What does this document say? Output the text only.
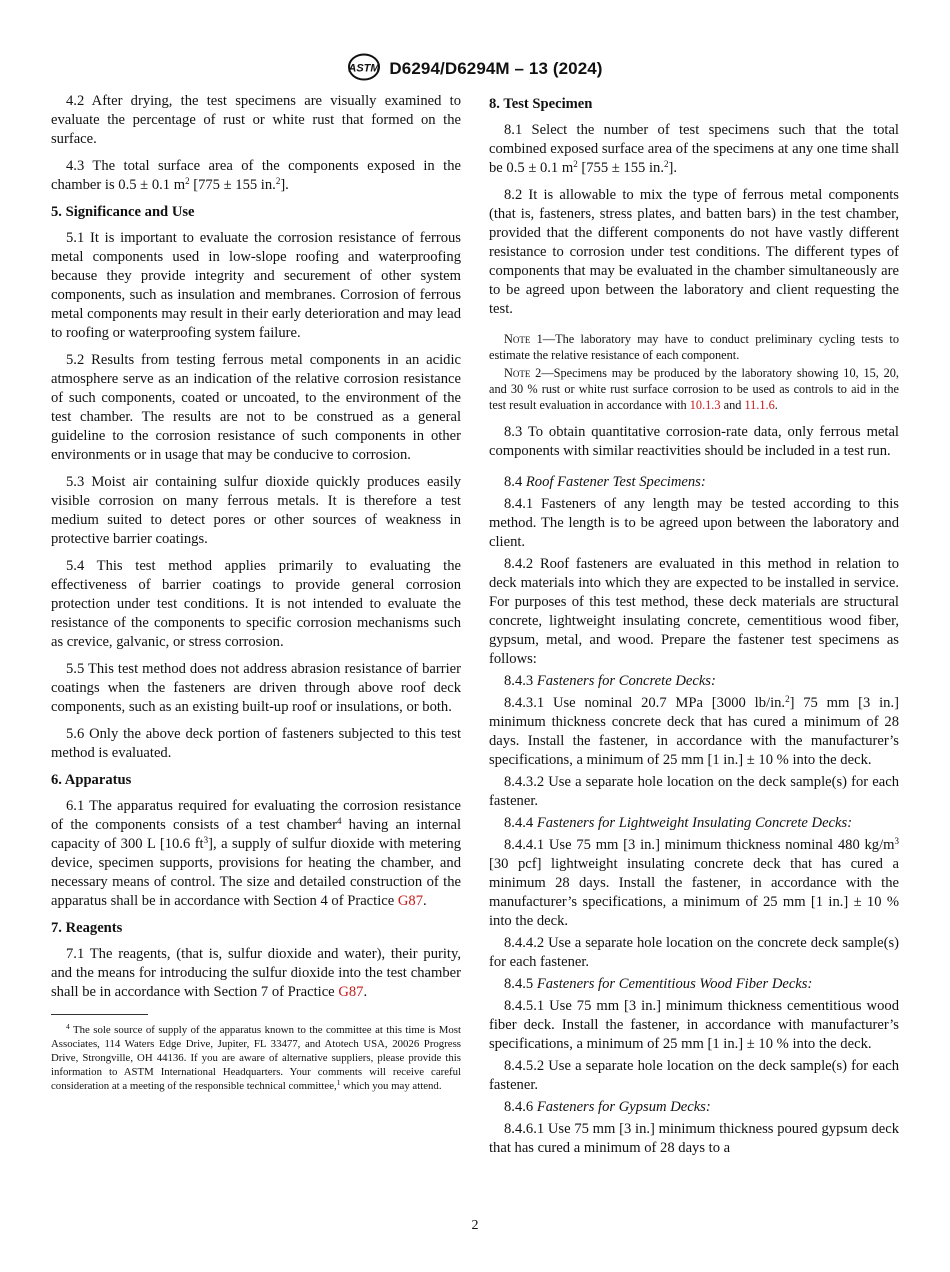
ASTM D6294/D6294M – 13 (2024)

4.2 After drying, the test specimens are visually examined to evaluate the percentage of rust or white rust that formed on the surface.

4.3 The total surface area of the components exposed in the chamber is 0.5 ± 0.1 $m^2$ [775 ± 155 in.$^2$].

5. Significance and Use

5.1 It is important to evaluate the corrosion resistance of ferrous metal components used in low-slope roofing and waterproofing because they provide integrity and securement of other system components, such as insulation and membranes. Corrosion of ferrous metal components may result in their early deterioration and may lead to roofing or waterproofing system failure.

5.2 Results from testing ferrous metal components in an acidic atmosphere serve as an indication of the relative corrosion resistance of such components, coated or uncoated, to the environment of the test chamber. The results are not to be construed as a general guideline to the corrosion resistance of such components in other environments or in usage that may be conducive to corrosion.

5.3 Moist air containing sulfur dioxide quickly produces easily visible corrosion on many ferrous metals. It is therefore a test medium suited to detect pores or other sources of weakness in protective barrier coatings.

5.4 This test method applies primarily to evaluating the effectiveness of barrier coatings to provide general corrosion protection under test conditions. It is not intended to evaluate the resistance of the components to specific corrosion mechanisms such as crevice, galvanic, or stress corrosion.

5.5 This test method does not address abrasion resistance of barrier coatings when the fasteners are driven through above roof deck components, such as an existing built-up roof or insulations, or both.

5.6 Only the above deck portion of fasteners subjected to this test method is evaluated.

6. Apparatus

6.1 The apparatus required for evaluating the corrosion resistance of the components consists of a test chamber$^4$ having an internal capacity of 300 L [10.6 $ft^3$], a supply of sulfur dioxide with metering device, specimen supports, provisions for heating the chamber, and necessary means of control. The size and detailed construction of the apparatus shall be in accordance with Section 4 of Practice G87.

7. Reagents

7.1 The reagents, (that is, sulfur dioxide and water), their purity, and the means for introducing the sulfur dioxide into the test chamber shall be in accordance with Section 7 of Practice G87.

$^4$ The sole source of supply of the apparatus known to the committee at this time is Most Associates, 114 Waters Edge Drive, Jupiter, FL 33477, and Atotech USA, 20026 Progress Drive, Strongville, OH 44136. If you are aware of alternative suppliers, please provide this information to ASTM International Headquarters. Your comments will receive careful consideration at a meeting of the responsible technical committee,$^1$ which you may attend.

8. Test Specimen

8.1 Select the number of test specimens such that the total combined exposed surface area of the specimens at any one time shall be 0.5 ± 0.1 $m^2$ [755 ± 155 in.$^2$].

8.2 It is allowable to mix the type of ferrous metal components (that is, fasteners, stress plates, and batten bars) in the test chamber, provided that the different components do not have vastly different resistance to corrosion under test conditions. The different types of components that may be evaluated in the chamber simultaneously are to be agreed upon between the laboratory and client requesting the test.

Note 1—The laboratory may have to conduct preliminary cycling tests to estimate the relative resistance of each component.

Note 2—Specimens may be produced by the laboratory showing 10, 15, 20, and 30 % rust or white rust surface corrosion to be used as controls to aid in the test result evaluation in accordance with 10.1.3 and 11.1.6.

8.3 To obtain quantitative corrosion-rate data, only ferrous metal components with similar reactivities should be included in a test run.

8.4 Roof Fastener Test Specimens:

8.4.1 Fasteners of any length may be tested according to this method. The length is to be agreed upon between the laboratory and client.

8.4.2 Roof fasteners are evaluated in this method in relation to deck materials into which they are expected to be installed in service. For purposes of this test method, these deck materials are structural concrete, lightweight insulating concrete, cementitious wood fiber, gypsum, metal, and wood. Prepare the fastener test specimens as follows:

8.4.3 Fasteners for Concrete Decks:

8.4.3.1 Use nominal 20.7 MPa [3000 lb/in.$^2$] 75 mm [3 in.] minimum thickness concrete deck that has cured a minimum of 28 days. Install the fastener, in accordance with the manufacturer’s specifications, a minimum of 25 mm [1 in.] ± 10 % into the deck.

8.4.3.2 Use a separate hole location on the deck sample(s) for each fastener.

8.4.4 Fasteners for Lightweight Insulating Concrete Decks:

8.4.4.1 Use 75 mm [3 in.] minimum thickness nominal 480 $kg/m^3$ [30 pcf] lightweight insulating concrete deck that has cured a minimum 28 days. Install the fastener, in accordance with the manufacturer’s specifications, a minimum of 25 mm [1 in.] ± 10 % into the deck.

8.4.4.2 Use a separate hole location on the concrete deck sample(s) for each fastener.

8.4.5 Fasteners for Cementitious Wood Fiber Decks:

8.4.5.1 Use 75 mm [3 in.] minimum thickness cementitious wood fiber deck. Install the fastener, in accordance with manufacturer’s specifications, a minimum of 25 mm [1 in.] ± 10 % into the deck.

8.4.5.2 Use a separate hole location on the deck sample(s) for each fastener.

8.4.6 Fasteners for Gypsum Decks:

8.4.6.1 Use 75 mm [3 in.] minimum thickness poured gypsum deck that has cured a minimum of 28 days to a

2
